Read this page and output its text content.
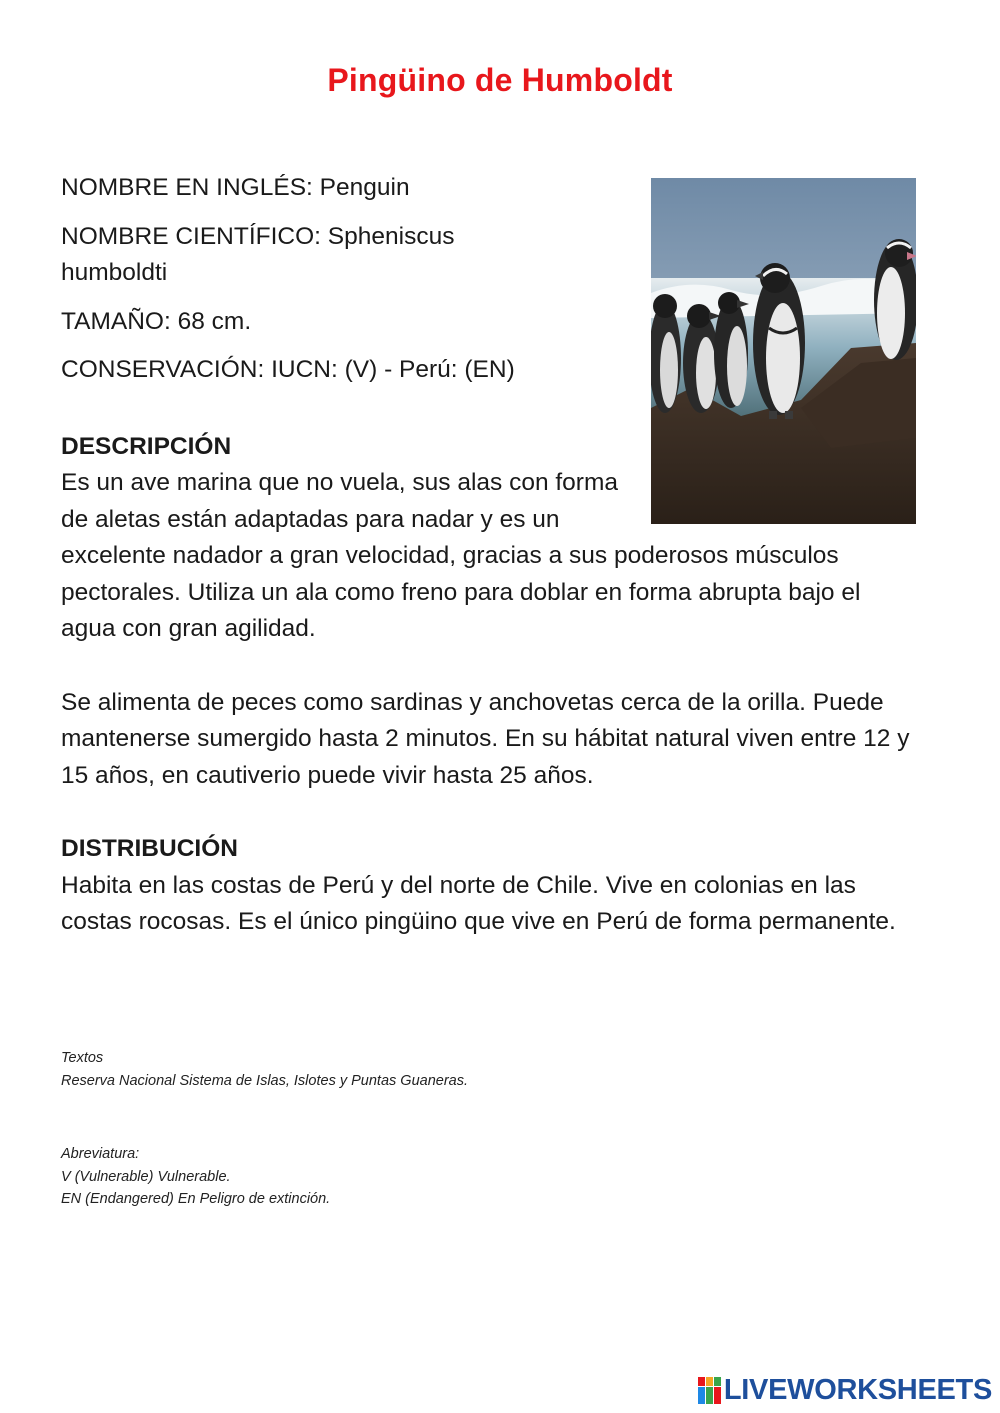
Pingüino de Humboldt

NOMBRE EN INGLÉS: Penguin

NOMBRE CIENTÍFICO: Spheniscus humboldti

TAMAÑO: 68 cm.

CONSERVACIÓN: IUCN: (V) - Perú: (EN)

DESCRIPCIÓN

Es un ave marina que no vuela, sus alas con forma de aletas están adaptadas para nadar y es un excelente nadador a gran velocidad, gracias a sus poderosos músculos pectorales. Utiliza un ala como freno para doblar en forma abrupta bajo el agua con gran agilidad.

Se alimenta de peces como sardinas y anchovetas cerca de la orilla. Puede mantenerse sumergido hasta 2 minutos. En su hábitat natural viven entre 12 y 15 años, en cautiverio puede vivir hasta 25 años.

DISTRIBUCIÓN

Habita en las costas de Perú y del norte de Chile. Vive en colonias en las costas rocosas. Es el único pingüino que vive en Perú de forma permanente.

Textos
Reserva Nacional Sistema de Islas, Islotes y Puntas Guaneras.
Abreviatura:
V (Vulnerable) Vulnerable.
EN (Endangered) En Peligro de extinción.
LIVEWORKSHEETS
